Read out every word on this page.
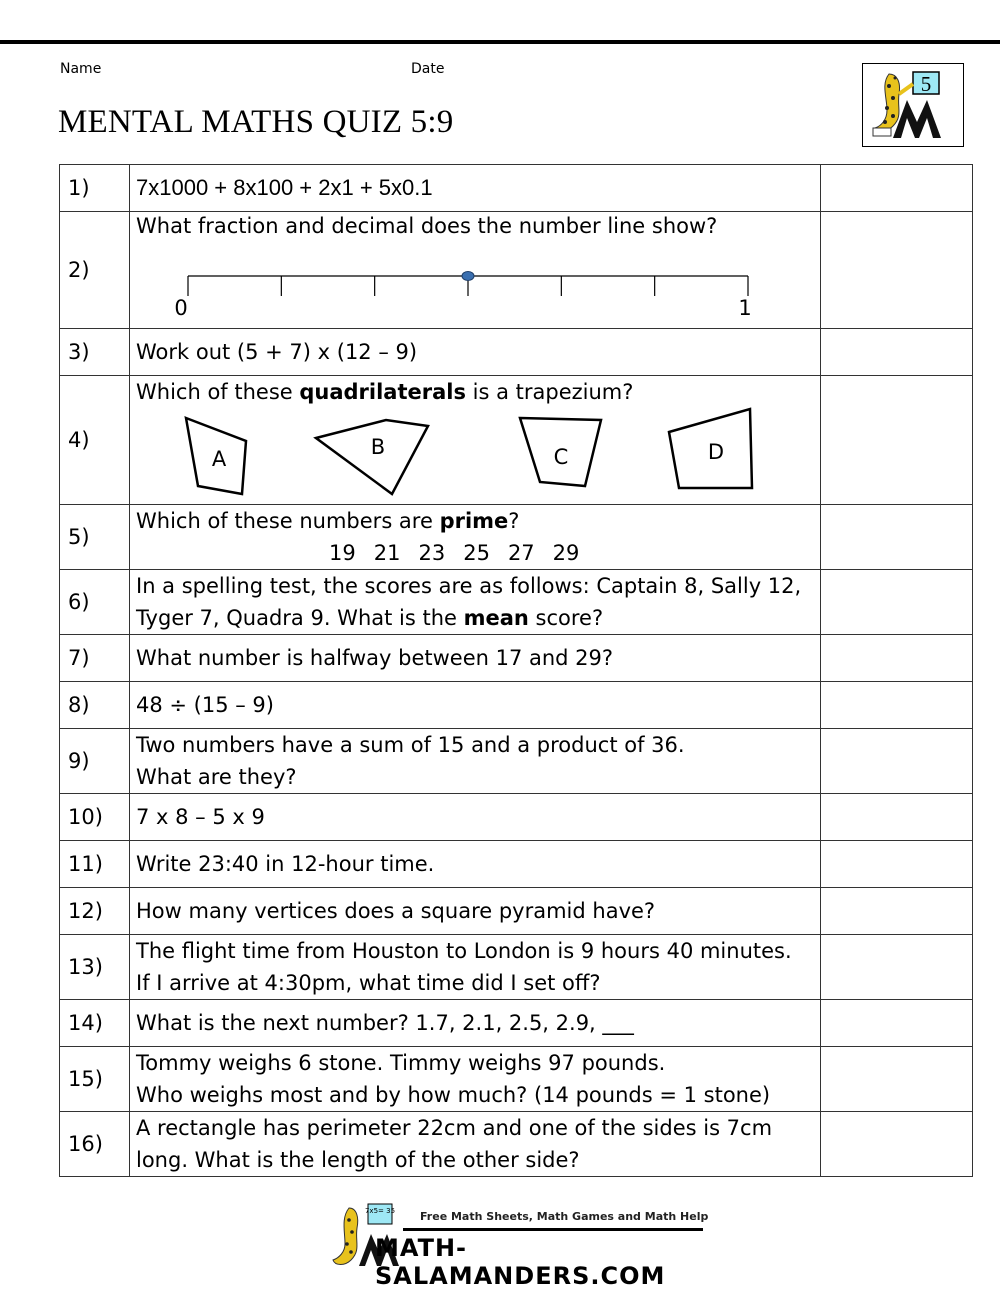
Name	Date
MENTAL MATHS QUIZ 5:9
5
1)	7x1000 + 8x100 + 2x1 + 5x0.1	

2)	What fraction and decimal does the number line show?
0 1	

3)	Work out (5 + 7) x (12 – 9)	

4)	Which of these quadrilaterals is a trapezium?
A B C D	

5)	Which of these numbers are prime?
19 21 23 25 27 29	

6)	In a spelling test, the scores are as follows: Captain 8, Sally 12,
Tyger 7, Quadra 9. What is the mean score?	

7)	What number is halfway between 17 and 29?	

8)	48 ÷ (15 – 9)	

9)	Two numbers have a sum of 15 and a product of 36.
What are they?	

10)	7 x 8 – 5 x 9	

11)	Write 23:40 in 12-hour time.	

12)	How many vertices does a square pyramid have?	

13)	The flight time from Houston to London is 9 hours 40 minutes.
If I arrive at 4:30pm, what time did I set off?	

14)	What is the next number? 1.7, 2.1, 2.5, 2.9, ___	

15)	Tommy weighs 6 stone. Timmy weighs 97 pounds.
Who weighs most and by how much? (14 pounds = 1 stone)	

16)	A rectangle has perimeter 22cm and one of the sides is 7cm
long. What is the length of the other side?	

7x5= 35 Free Math Sheets, Math Games and Math Help
MATH-SALAMANDERS.COM
